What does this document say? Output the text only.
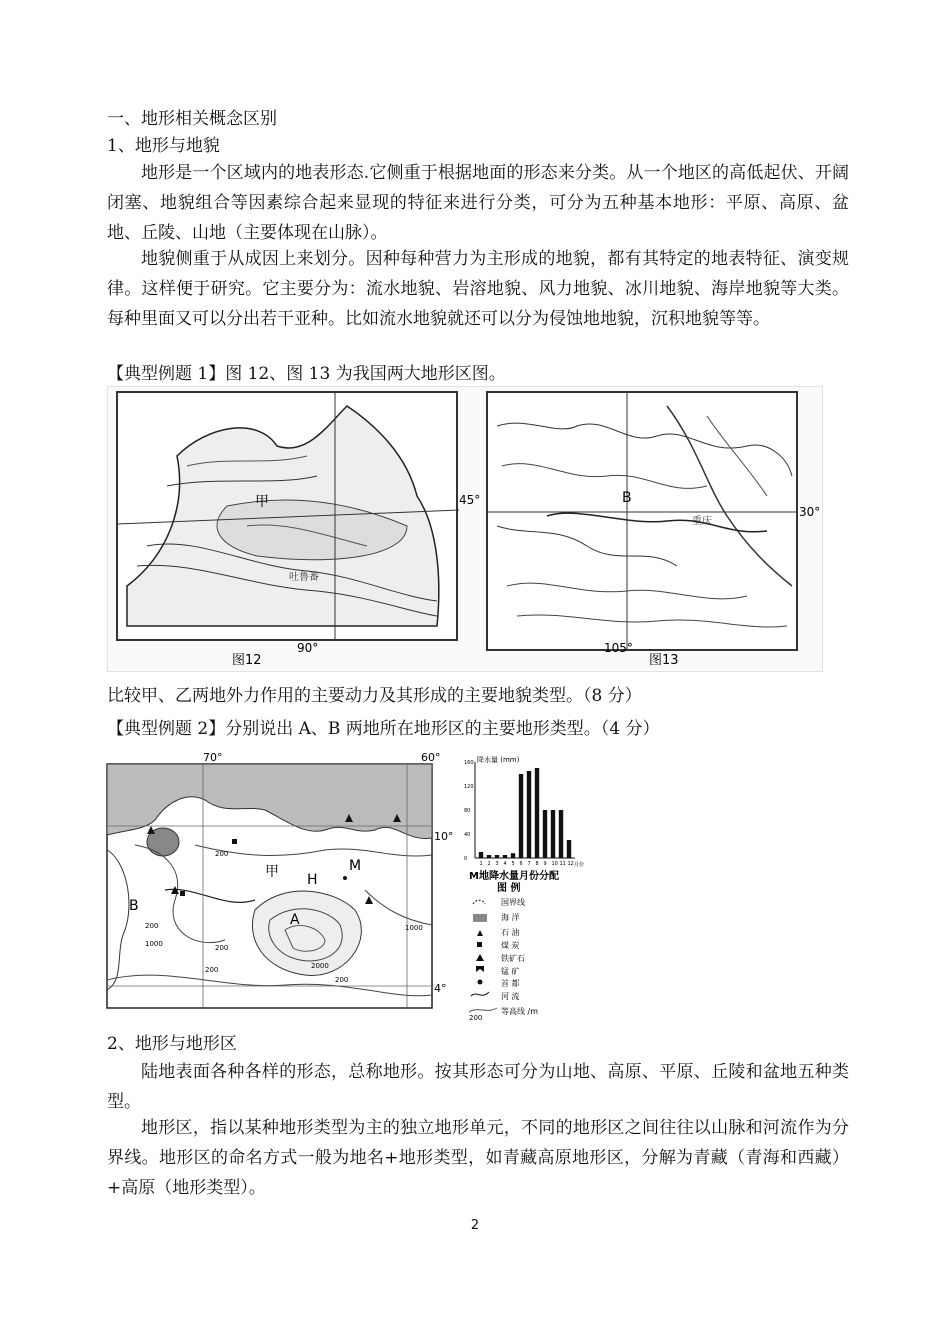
一、地形相关概念区别
1、地形与地貌
地形是一个区域内的地表形态.它侧重于根据地面的形态来分类。从一个地区的高低起伏、开阔闭塞、地貌组合等因素综合起来显现的特征来进行分类，可分为五种基本地形：平原、高原、盆地、丘陵、山地（主要体现在山脉）。
地貌侧重于从成因上来划分。因种每种营力为主形成的地貌，都有其特定的地表特征、演变规律。这样便于研究。它主要分为：流水地貌、岩溶地貌、风力地貌、冰川地貌、海岸地貌等大类。每种里面又可以分出若干亚种。比如流水地貌就还可以分为侵蚀地地貌，沉积地貌等等。
【典型例题 1】图 12、图 13 为我国两大地形区图。
甲
吐鲁番
45°
90°
图12
B
重庆
30°
105°
图13
比较甲、乙两地外力作用的主要动力及其形成的主要地貌类型。（8 分）
【典型例题 2】分别说出 A、B 两地所在地形区的主要地形类型。（4 分）
70°	60°
10°
4°
甲 H
M
A
B
200
200
1000	200
2000
1000
200
200
降水量 (mm)
月份
M地降水量月份分配
160
120
80
40
0
1 2 3 4 5 6 7 8 9 10 11 12
图 例
200
国界线
海 洋
石 油
煤 炭
铁矿石
锰 矿
首 都
河 流
等高线 /m
2、地形与地形区
陆地表面各种各样的形态，总称地形。按其形态可分为山地、高原、平原、丘陵和盆地五种类型。
地形区，指以某种地形类型为主的独立地形单元，不同的地形区之间往往以山脉和河流作为分界线。地形区的命名方式一般为地名+地形类型，如青藏高原地形区，分解为青藏（青海和西藏）+高原（地形类型）。
2
